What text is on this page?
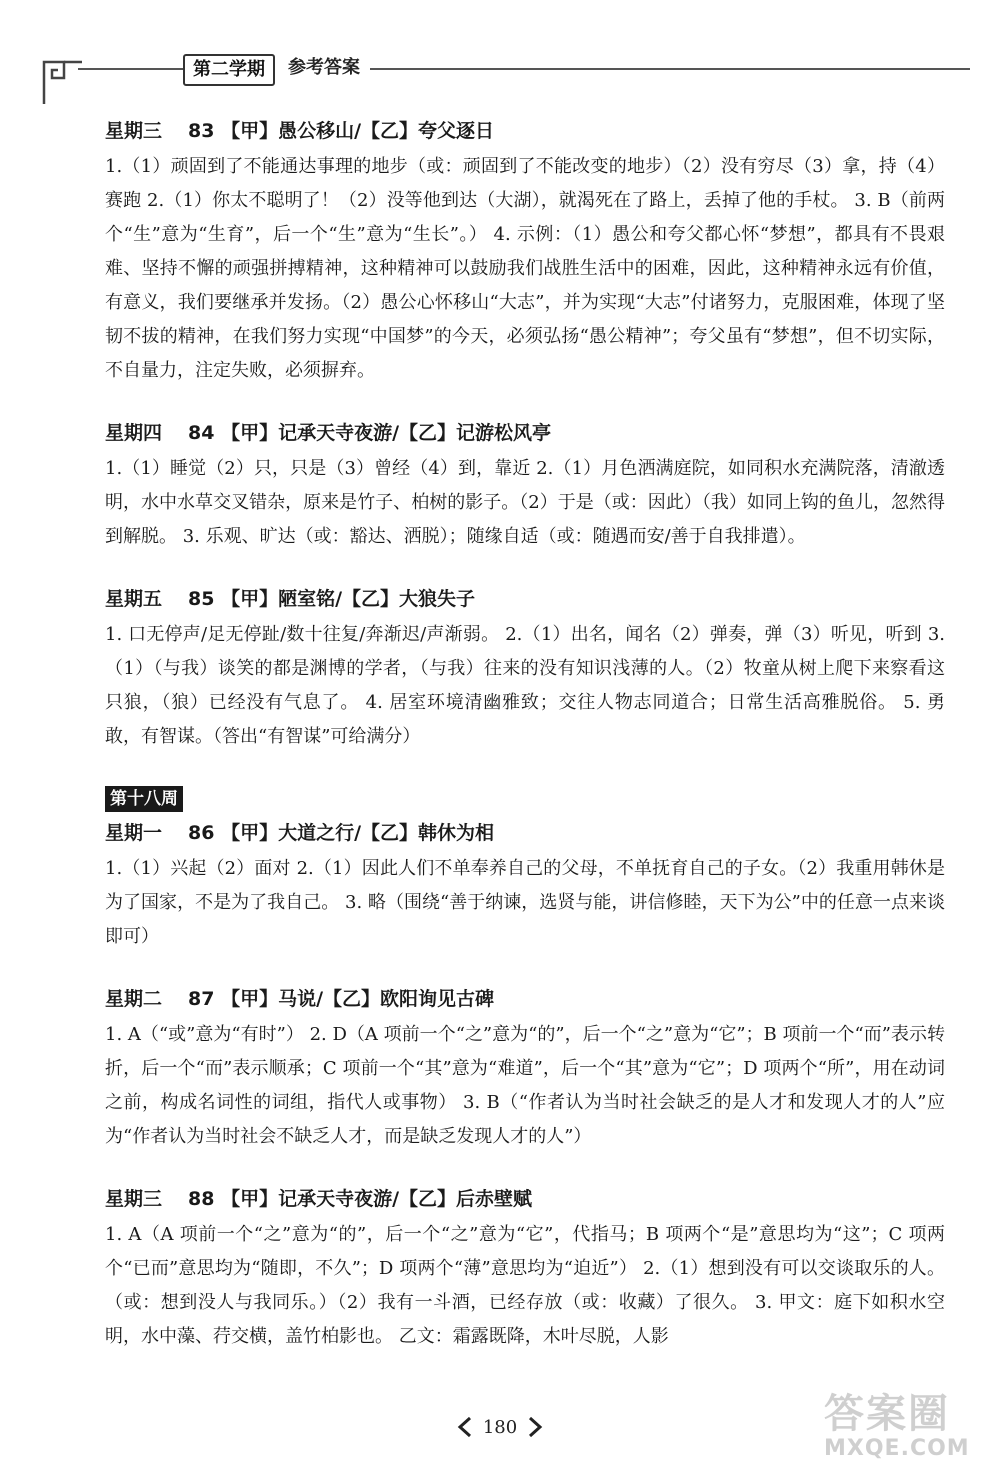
第二学期	参考答案
星期三 83 【甲】愚公移山/【乙】夸父逐日
1.（1）顽固到了不能通达事理的地步（或：顽固到了不能改变的地步）（2）没有穷尽（3）拿，持（4）赛跑 2.（1）你太不聪明了！（2）没等他到达（大湖），就渴死在了路上，丢掉了他的手杖。 3. B（前两个“生”意为“生育”，后一个“生”意为“生长”。） 4. 示例：（1）愚公和夸父都心怀“梦想”，都具有不畏艰难、坚持不懈的顽强拼搏精神，这种精神可以鼓励我们战胜生活中的困难，因此，这种精神永远有价值，有意义，我们要继承并发扬。（2）愚公心怀移山“大志”，并为实现“大志”付诸努力，克服困难，体现了坚韧不拔的精神，在我们努力实现“中国梦”的今天，必须弘扬“愚公精神”；夸父虽有“梦想”，但不切实际，不自量力，注定失败，必须摒弃。
星期四 84 【甲】记承天寺夜游/【乙】记游松风亭
1.（1）睡觉（2）只，只是（3）曾经（4）到，靠近 2.（1）月色洒满庭院，如同积水充满院落，清澈透明，水中水草交叉错杂，原来是竹子、柏树的影子。（2）于是（或：因此）（我）如同上钩的鱼儿，忽然得到解脱。 3. 乐观、旷达（或：豁达、洒脱）；随缘自适（或：随遇而安/善于自我排遣）。
星期五 85 【甲】陋室铭/【乙】大狼失子
1. 口无停声/足无停趾/数十往复/奔渐迟/声渐弱。 2.（1）出名，闻名（2）弹奏，弹（3）听见，听到 3.（1）（与我）谈笑的都是渊博的学者，（与我）往来的没有知识浅薄的人。（2）牧童从树上爬下来察看这只狼，（狼）已经没有气息了。 4. 居室环境清幽雅致；交往人物志同道合；日常生活高雅脱俗。 5. 勇敢，有智谋。（答出“有智谋”可给满分）
第十八周
星期一 86 【甲】大道之行/【乙】韩休为相
1.（1）兴起（2）面对 2.（1）因此人们不单奉养自己的父母，不单抚育自己的子女。（2）我重用韩休是为了国家，不是为了我自己。 3. 略（围绕“善于纳谏，选贤与能，讲信修睦，天下为公”中的任意一点来谈即可）
星期二 87 【甲】马说/【乙】欧阳询见古碑
1. A（“或”意为“有时”） 2. D（A 项前一个“之”意为“的”，后一个“之”意为“它”；B 项前一个“而”表示转折，后一个“而”表示顺承；C 项前一个“其”意为“难道”，后一个“其”意为“它”；D 项两个“所”，用在动词之前，构成名词性的词组，指代人或事物） 3. B（“作者认为当时社会缺乏的是人才和发现人才的人”应为“作者认为当时社会不缺乏人才，而是缺乏发现人才的人”）
星期三 88 【甲】记承天寺夜游/【乙】后赤壁赋
1. A（A 项前一个“之”意为“的”，后一个“之”意为“它”，代指马；B 项两个“是”意思均为“这”；C 项两个“已而”意思均为“随即，不久”；D 项两个“薄”意思均为“迫近”） 2.（1）想到没有可以交谈取乐的人。（或：想到没人与我同乐。）（2）我有一斗酒，已经存放（或：收藏）了很久。 3. 甲文：庭下如积水空明，水中藻、荇交横，盖竹柏影也。 乙文：霜露既降，木叶尽脱，人影
180	答案圈
MXQE.COM
